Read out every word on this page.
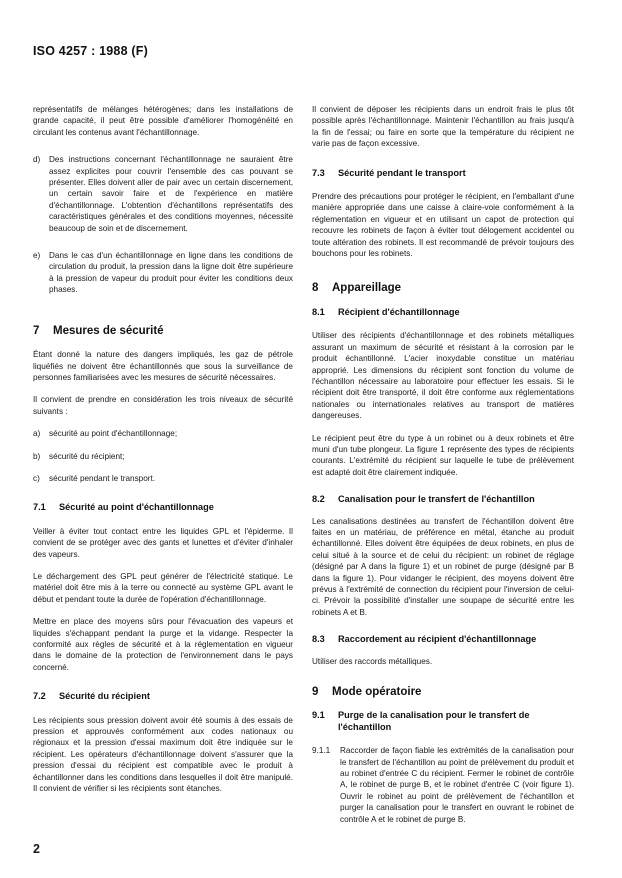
ISO 4257 : 1988 (F)

représentatifs de mélanges hétérogènes; dans les installations de grande capacité, il peut être possible d'améliorer l'homogénéité en circulant les contenus avant l'échantillonnage.

d)	Des instructions concernant l'échantillonnage ne sauraient être assez explicites pour couvrir l'ensemble des cas pouvant se présenter. Elles doivent aller de pair avec un certain discernement, un certain savoir faire et de l'expérience en matière d'échantillonnage. L'obtention d'échantillons représentatifs des caractéristiques générales et des conditions moyennes, nécessite beaucoup de soin et de discernement.
e)	Dans le cas d'un échantillonnage en ligne dans les conditions de circulation du produit, la pression dans la ligne doit être supérieure à la pression de vapeur du produit pour éviter les conditions deux phases.
7 Mesures de sécurité

Étant donné la nature des dangers impliqués, les gaz de pétrole liquéfiés ne doivent être échantillonnés que sous la surveillance de personnes familiarisées avec les mesures de sécurité nécessaires.

Il convient de prendre en considération les trois niveaux de sécurité suivants :

a)	sécurité au point d'échantillonnage;
b)	sécurité du récipient;
c)	sécurité pendant le transport.
7.1 Sécurité au point d'échantillonnage

Veiller à éviter tout contact entre les liquides GPL et l'épiderme. Il convient de se protéger avec des gants et lunettes et d'éviter d'inhaler des vapeurs.

Le déchargement des GPL peut générer de l'électricité statique. Le matériel doit être mis à la terre ou connecté au système GPL avant le début et pendant toute la durée de l'opération d'échantillonnage.

Mettre en place des moyens sûrs pour l'évacuation des vapeurs et liquides s'échappant pendant la purge et la vidange. Respecter la conformité aux règles de sécurité et à la réglementation en vigueur dans le domaine de la protection de l'environnement dans le pays concerné.

7.2 Sécurité du récipient

Les récipients sous pression doivent avoir été soumis à des essais de pression et approuvés conformément aux codes nationaux ou régionaux et la pression d'essai maximum doit être indiquée sur le récipient. Les opérateurs d'échantillonnage doivent s'assurer que la pression d'essai du récipient est compatible avec le produit à échantillonner dans les conditions dans lesquelles il doit être manipulé. Il convient de vérifier si les récipients sont étanches.

Il convient de déposer les récipients dans un endroit frais le plus tôt possible après l'échantillonnage. Maintenir l'échantillon au frais jusqu'à la fin de l'essai; ou faire en sorte que la température du récipient ne varie pas de façon excessive.

7.3 Sécurité pendant le transport

Prendre des précautions pour protéger le récipient, en l'emballant d'une manière appropriée dans une caisse à claire-voie conformément à la réglementation en vigueur et en utilisant un capot de protection qui recouvre les robinets de façon à éviter tout délogement accidentel ou toute altération des robinets. Il est recommandé de prévoir toujours des bouchons pour les robinets.

8 Appareillage
8.1 Récipient d'échantillonnage

Utiliser des récipients d'échantillonnage et des robinets métalliques assurant un maximum de sécurité et résistant à la corrosion par le produit échantillonné. L'acier inoxydable constitue un matériau approprié. Les dimensions du récipient sont fonction du volume de l'échantillon nécessaire au laboratoire pour effectuer les essais. Si le récipient doit être transporté, il doit être conforme aux réglementations nationales ou internationales relatives au transport de matières dangereuses.

Le récipient peut être du type à un robinet ou à deux robinets et être muni d'un tube plongeur. La figure 1 représente des types de récipients courants. L'extrémité du récipient sur laquelle le tube de prélèvement est adapté doit être clairement indiquée.

8.2 Canalisation pour le transfert de l'échantillon

Les canalisations destinées au transfert de l'échantillon doivent être faites en un matériau, de préférence en métal, étanche au produit échantillonné. Elles doivent être équipées de deux robinets, en plus de celui situé à la source et de celui du récipient: un robinet de réglage (désigné par A dans la figure 1) et un robinet de purge (désigné par B dans la figure 1). Pour vidanger le récipient, des moyens doivent être prévus à l'extrémité de connection du récipient pour l'inversion de celui-ci. Prévoir la possibilité d'installer une soupape de sécurité entre les robinets A et B.

8.3 Raccordement au récipient d'échantillonnage

Utiliser des raccords métalliques.

9 Mode opératoire
9.1	Purge de la canalisation pour le transfert de l'échantillon
9.1.1	Raccorder de façon fiable les extrémités de la canalisation pour le transfert de l'échantillon au point de prélèvement du produit et au robinet d'entrée C du récipient. Fermer le robinet de contrôle A, le robinet de purge B, et le robinet d'entrée C (voir figure 1). Ouvrir le robinet au point de prélèvement de l'échantillon et purger la canalisation pour le transfert en ouvrant le robinet de contrôle A et le robinet de purge B.
2
